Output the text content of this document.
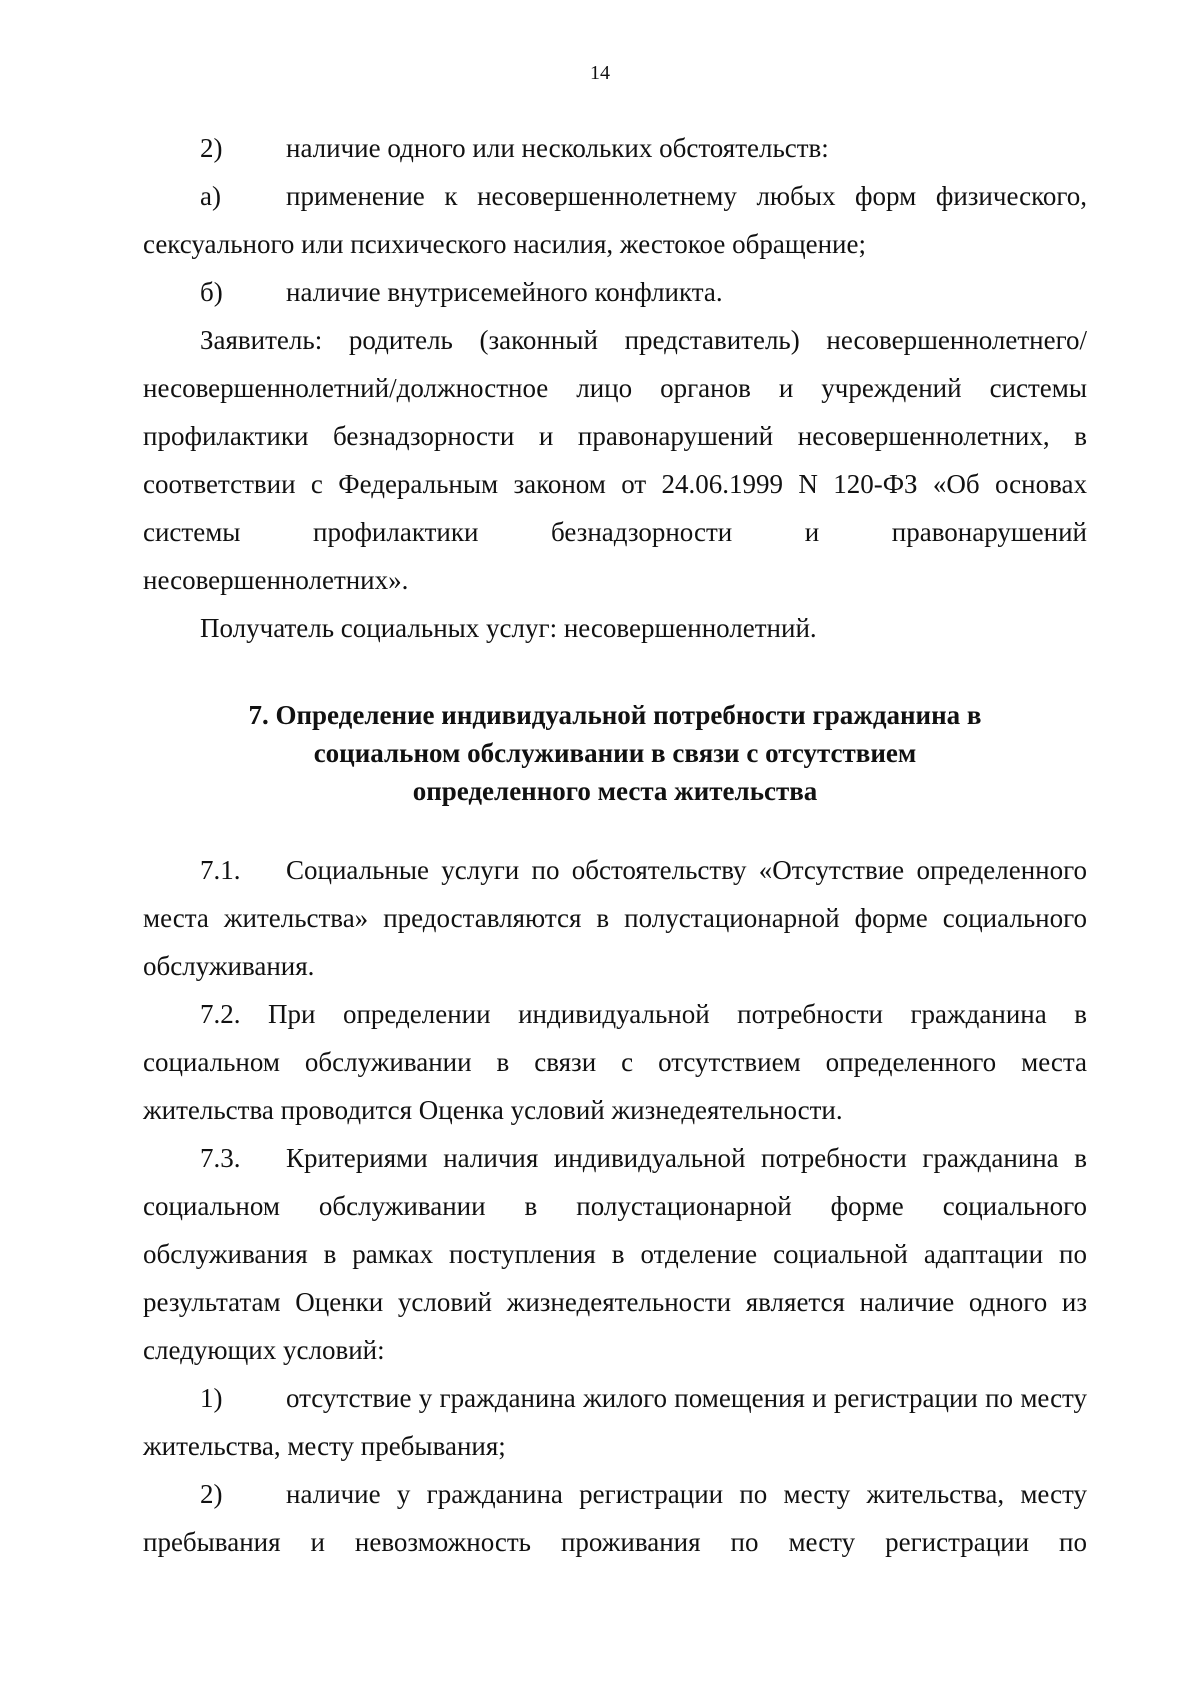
14

2) наличие одного или нескольких обстоятельств:

а) применение к несовершеннолетнему любых форм физического, сексуального или психического насилия, жестокое обращение;

б) наличие внутрисемейного конфликта.

Заявитель: родитель (законный представитель) несовершеннолетнего/ несовершеннолетний/должностное лицо органов и учреждений системы профилактики безнадзорности и правонарушений несовершеннолетних, в соответствии с Федеральным законом от 24.06.1999 N 120-ФЗ «Об основах системы профилактики безнадзорности и правонарушений несовершеннолетних».

Получатель социальных услуг: несовершеннолетний.

7. Определение индивидуальной потребности гражданина в
социальном обслуживании в связи с отсутствием
определенного места жительства

7.1. Социальные услуги по обстоятельству «Отсутствие определенного места жительства» предоставляются в полустационарной форме социального обслуживания.

7.2. При определении индивидуальной потребности гражданина в социальном обслуживании в связи с отсутствием определенного места жительства проводится Оценка условий жизнедеятельности.

7.3. Критериями наличия индивидуальной потребности гражданина в социальном обслуживании в полустационарной форме социального обслуживания в рамках поступления в отделение социальной адаптации по результатам Оценки условий жизнедеятельности является наличие одного из следующих условий:

1) отсутствие у гражданина жилого помещения и регистрации по месту жительства, месту пребывания;

2) наличие у гражданина регистрации по месту жительства, месту пребывания и невозможность проживания по месту регистрации по
